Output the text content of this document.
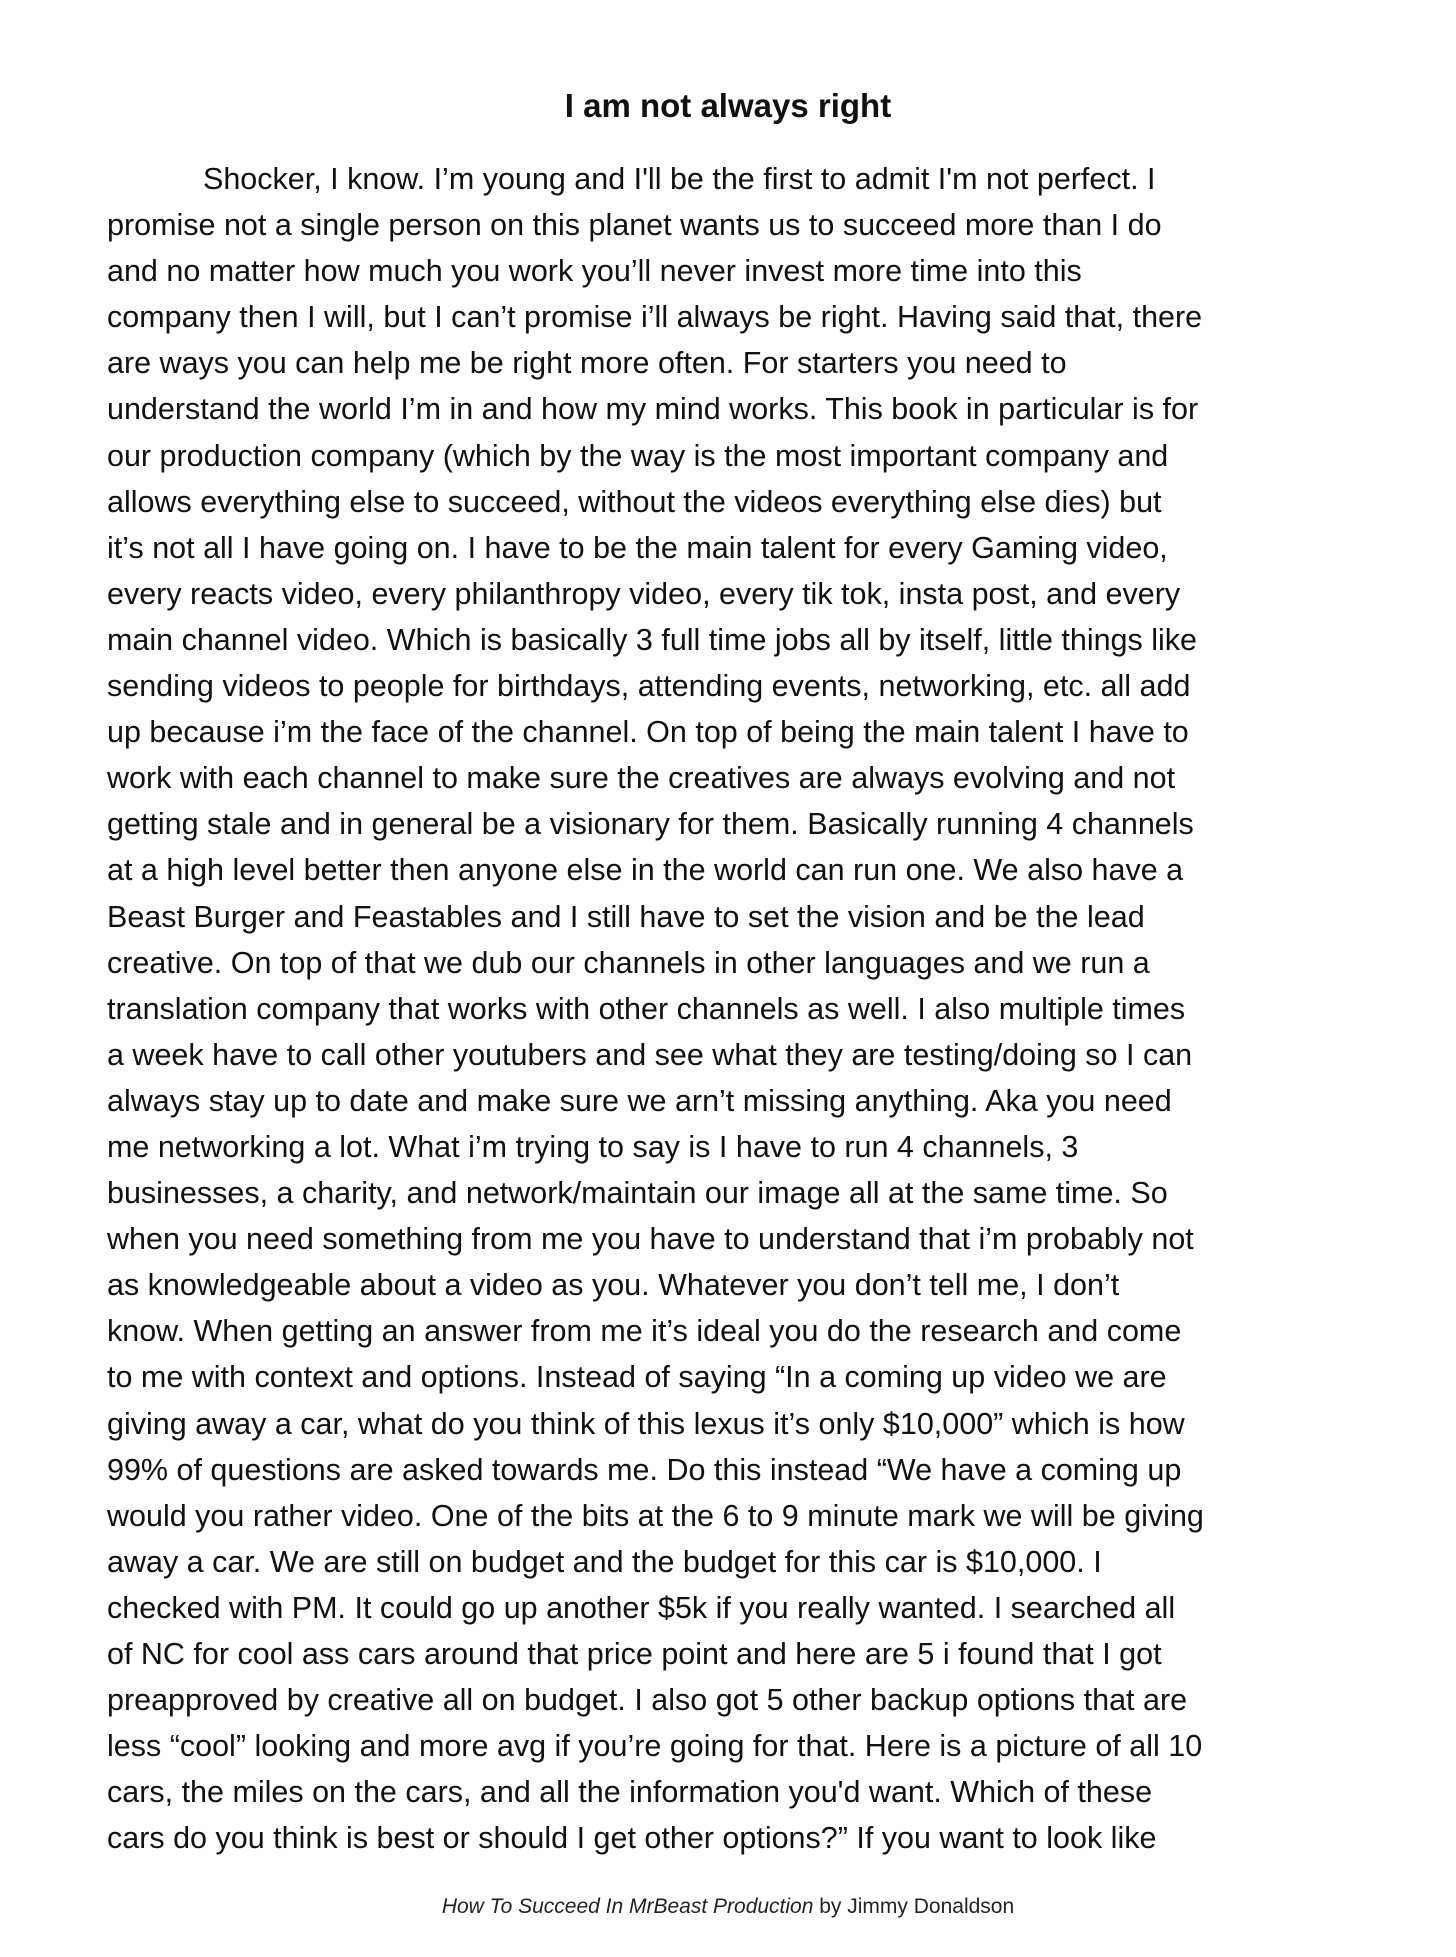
I am not always right
Shocker, I know. I’m young and I'll be the first to admit I'm not perfect. I
promise not a single person on this planet wants us to succeed more than I do
and no matter how much you work you’ll never invest more time into this
company then I will, but I can’t promise i’ll always be right. Having said that, there
are ways you can help me be right more often. For starters you need to
understand the world I’m in and how my mind works. This book in particular is for
our production company (which by the way is the most important company and
allows everything else to succeed, without the videos everything else dies) but
it’s not all I have going on. I have to be the main talent for every Gaming video,
every reacts video, every philanthropy video, every tik tok, insta post, and every
main channel video. Which is basically 3 full time jobs all by itself, little things like
sending videos to people for birthdays, attending events, networking, etc. all add
up because i’m the face of the channel. On top of being the main talent I have to
work with each channel to make sure the creatives are always evolving and not
getting stale and in general be a visionary for them. Basically running 4 channels
at a high level better then anyone else in the world can run one. We also have a
Beast Burger and Feastables and I still have to set the vision and be the lead
creative. On top of that we dub our channels in other languages and we run a
translation company that works with other channels as well. I also multiple times
a week have to call other youtubers and see what they are testing/doing so I can
always stay up to date and make sure we arn’t missing anything. Aka you need
me networking a lot. What i’m trying to say is I have to run 4 channels, 3
businesses, a charity, and network/maintain our image all at the same time. So
when you need something from me you have to understand that i’m probably not
as knowledgeable about a video as you. Whatever you don’t tell me, I don’t
know. When getting an answer from me it’s ideal you do the research and come
to me with context and options. Instead of saying “In a coming up video we are
giving away a car, what do you think of this lexus it’s only $10,000” which is how
99% of questions are asked towards me. Do this instead “We have a coming up
would you rather video. One of the bits at the 6 to 9 minute mark we will be giving
away a car. We are still on budget and the budget for this car is $10,000. I
checked with PM. It could go up another $5k if you really wanted. I searched all
of NC for cool ass cars around that price point and here are 5 i found that I got
preapproved by creative all on budget. I also got 5 other backup options that are
less “cool” looking and more avg if you’re going for that. Here is a picture of all 10
cars, the miles on the cars, and all the information you'd want. Which of these
cars do you think is best or should I get other options?” If you want to look like
How To Succeed In MrBeast Production by Jimmy Donaldson
